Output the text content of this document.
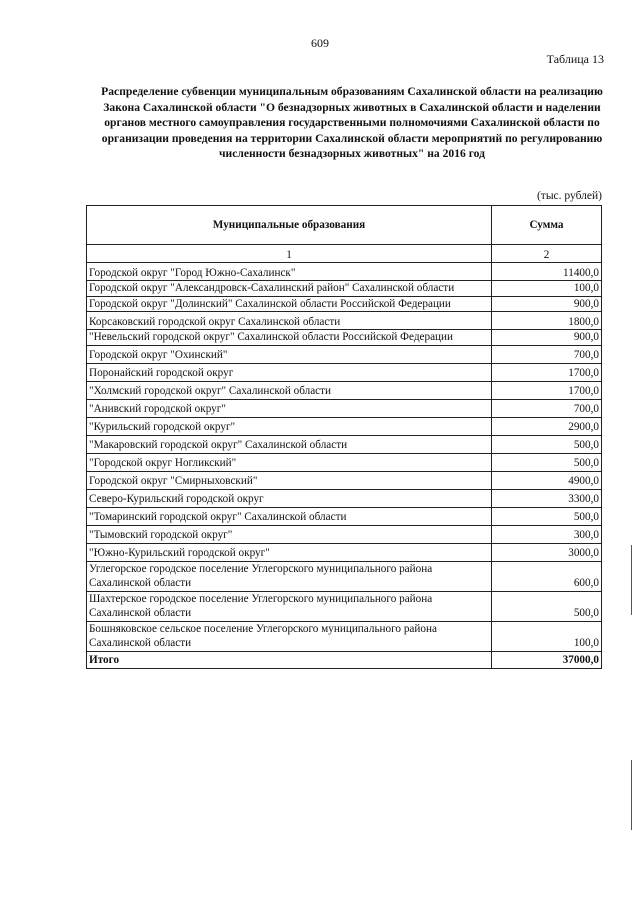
609
Таблица 13
Распределение субвенции муниципальным образованиям Сахалинской области на реализацию Закона Сахалинской области "О безнадзорных животных в Сахалинской области и наделении органов местного самоуправления государственными полномочиями Сахалинской области по организации проведения на территории Сахалинской области мероприятий по регулированию численности безнадзорных животных" на 2016 год
(тыс. рублей)
Муниципальные образования	Сумма
1	2
Городской округ "Город Южно-Сахалинск"	11400,0
Городской округ "Александровск-Сахалинский район" Сахалинской области	100,0
Городской округ "Долинский" Сахалинской области Российской Федерации	900,0
Корсаковский городской округ Сахалинской области	1800,0
"Невельский городской округ" Сахалинской области Российской Федерации	900,0
Городской округ "Охинский"	700,0
Поронайский городской округ	1700,0
"Холмский городской округ" Сахалинской области	1700,0
"Анивский городской округ"	700,0
"Курильский городской округ"	2900,0
"Макаровский городской округ" Сахалинской области	500,0
"Городской округ Ногликский"	500,0
Городской округ "Смирныховский"	4900,0
Северо-Курильский городской округ	3300,0
"Томаринский городской округ" Сахалинской области	500,0
"Тымовский городской округ"	300,0
"Южно-Курильский городской округ"	3000,0
Углегорское городское поселение Углегорского муниципального района Сахалинской области	600,0
Шахтерское городское поселение Углегорского муниципального района Сахалинской области	500,0
Бошняковское сельское поселение Углегорского муниципального района Сахалинской области	100,0
Итого	37000,0
